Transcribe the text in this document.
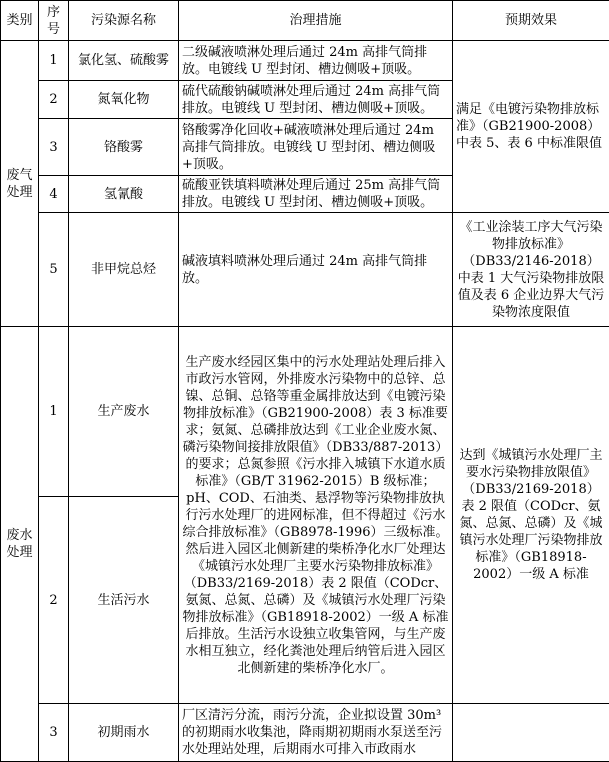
类别	序号	污染源名称	治理措施	预期效果
废气处理	1	氯化氢、硫酸雾	二级碱液喷淋处理后通过 24m 高排气筒排放。电镀线 U 型封闭、槽边侧吸+顶吸。	满足《电镀污染物排放标准》（GB21900-2008）中表 5、表 6 中标准限值
	2	氮氧化物	硫代硫酸钠碱喷淋处理后通过 24m 高排气筒排放。电镀线 U 型封闭、槽边侧吸+顶吸。	
	3	铬酸雾	铬酸雾净化回收+碱液喷淋处理后通过 24m 高排气筒排放。电镀线 U 型封闭、槽边侧吸+顶吸。	
	4	氢氰酸	硫酸亚铁填料喷淋处理后通过 25m 高排气筒排放。电镀线 U 型封闭、槽边侧吸+顶吸。	
	5	非甲烷总烃	碱液填料喷淋处理后通过 24m 高排气筒排放。	《工业涂装工序大气污染物排放标准》（DB33/2146-2018）中表 1 大气污染物排放限值及表 6 企业边界大气污染物浓度限值
废水处理	1	生产废水	生产废水经园区集中的污水处理站处理后排入市政污水管网，外排废水污染物中的总锌、总镍、总铜、总铬等重金属排放达到《电镀污染物排放标准》（GB21900-2008）表 3 标准要求；氨氮、总磷排放达到《工业企业废水氮、磷污染物间接排放限值》（DB33/887-2013）的要求；总氮参照《污水排入城镇下水道水质标准》（GB/T 31962-2015）B 级标准；pH、COD、石油类、悬浮物等污染物排放执行污水处理厂的进网标准，但不得超过《污水综合排放标准》（GB8978-1996）三级标准。然后进入园区北侧新建的柴桥净化水厂处理达《城镇污水处理厂主要水污染物排放标准》（DB33/2169-2018）表 2 限值（CODcr、氨氮、总氮、总磷）及《城镇污水处理厂污染物排放标准》（GB18918-2002）一级 A 标准后排放。生活污水设独立收集管网，与生产废水相互独立，经化粪池处理后纳管后进入园区北侧新建的柴桥净化水厂。	达到《城镇污水处理厂主要水污染物排放限值》（DB33/2169-2018）表 2 限值（CODcr、氨氮、总氮、总磷）及《城镇污水处理厂污染物排放标准》（GB18918-2002）一级 A 标准
	2	生活污水		
	3	初期雨水	厂区清污分流，雨污分流，企业拟设置 30m³ 的初期雨水收集池，降雨期初期雨水泵送至污水处理站处理，后期雨水可排入市政雨水	
